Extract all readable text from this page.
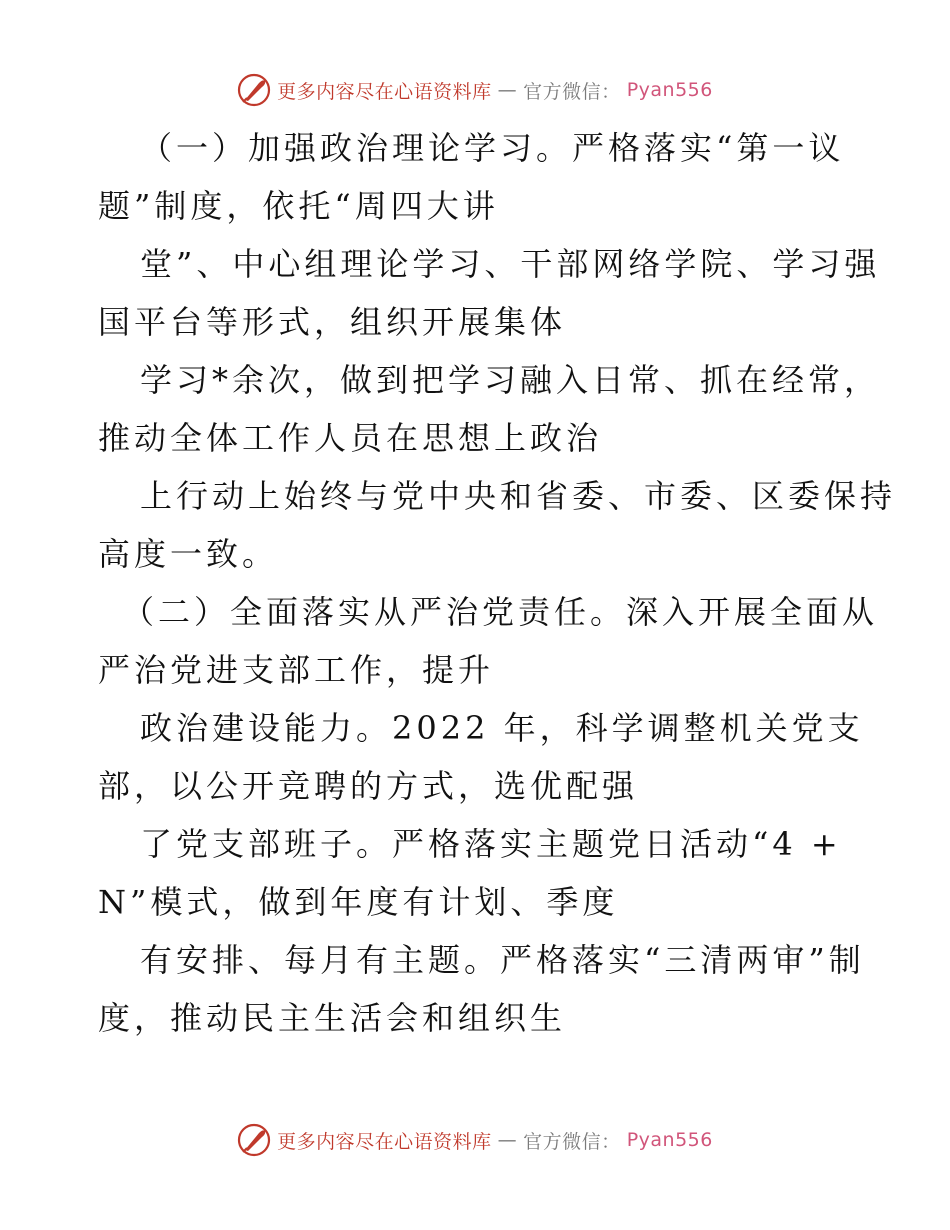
更多内容尽在心语资料库 — 官方微信： Pyan556
（一）加强政治理论学习。严格落实“第一议
题”制度，依托“周四大讲
堂”、中心组理论学习、干部网络学院、学习强
国平台等形式，组织开展集体
学习*余次，做到把学习融入日常、抓在经常，
推动全体工作人员在思想上政治
上行动上始终与党中央和省委、市委、区委保持
高度一致。
（二）全面落实从严治党责任。深入开展全面从
严治党进支部工作，提升
政治建设能力。2022 年，科学调整机关党支
部，以公开竞聘的方式，选优配强
了党支部班子。严格落实主题党日活动“4 +
N”模式，做到年度有计划、季度
有安排、每月有主题。严格落实“三清两审”制
度，推动民主生活会和组织生
更多内容尽在心语资料库 — 官方微信： Pyan556
